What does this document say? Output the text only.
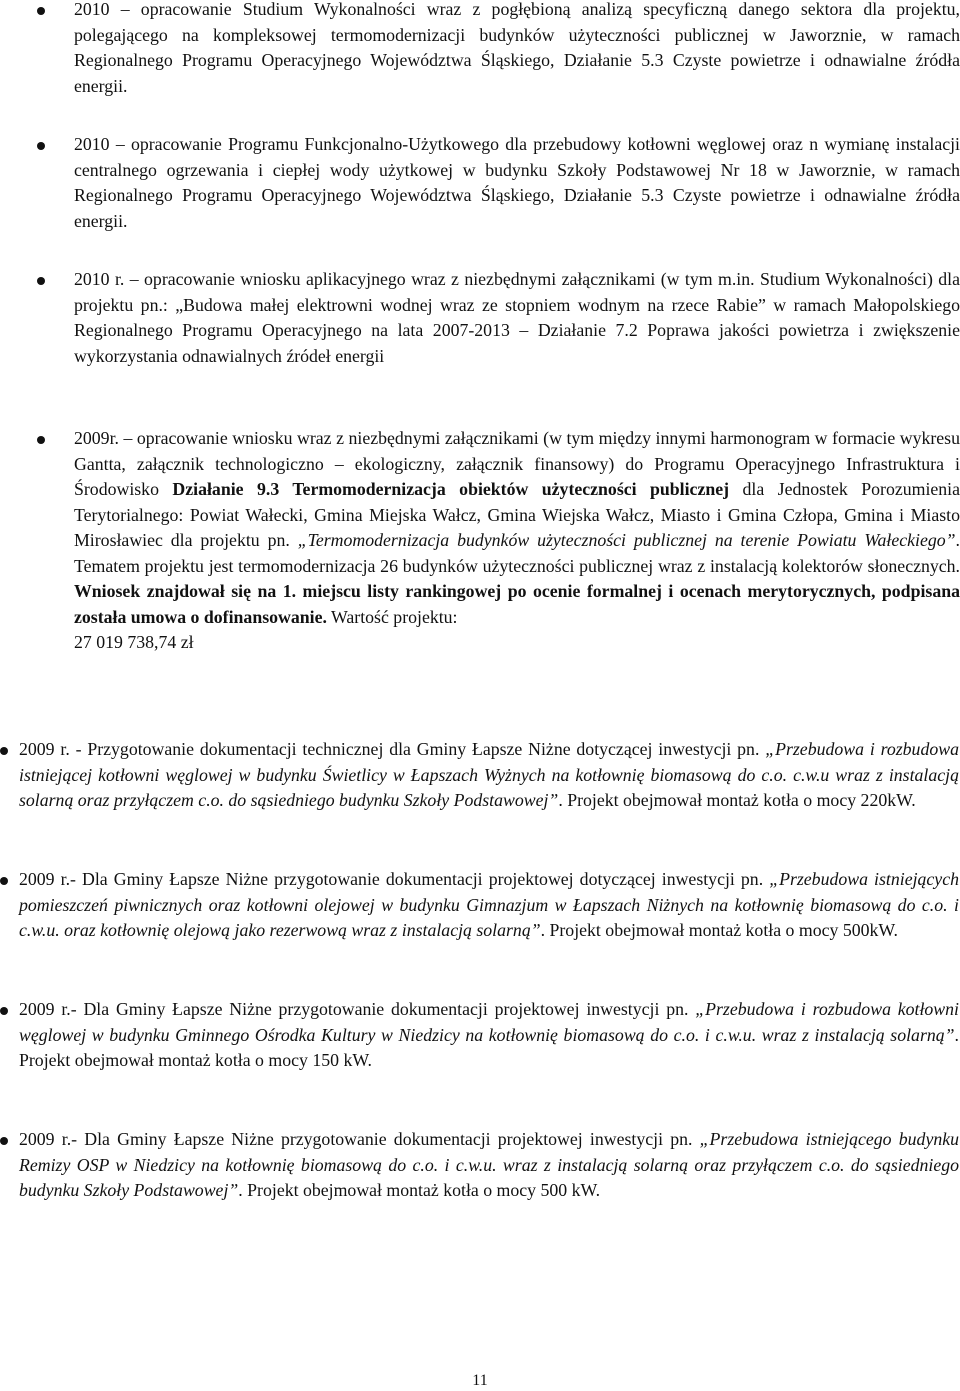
2010 – opracowanie Studium Wykonalności wraz z pogłębioną analizą specyficzną danego sektora dla projektu, polegającego na kompleksowej termomodernizacji budynków użyteczności publicznej w Jaworznie, w ramach Regionalnego Programu Operacyjnego Województwa Śląskiego, Działanie 5.3 Czyste powietrze i odnawialne źródła energii.
2010 – opracowanie Programu Funkcjonalno-Użytkowego dla przebudowy kotłowni węglowej oraz n wymianę instalacji centralnego ogrzewania i ciepłej wody użytkowej w budynku Szkoły Podstawowej Nr 18 w Jaworznie, w ramach Regionalnego Programu Operacyjnego Województwa Śląskiego, Działanie 5.3 Czyste powietrze i odnawialne źródła energii.
2010 r. – opracowanie wniosku aplikacyjnego wraz z niezbędnymi załącznikami (w tym m.in. Studium Wykonalności) dla projektu pn.: „Budowa małej elektrowni wodnej wraz ze stopniem wodnym na rzece Rabie” w ramach Małopolskiego Regionalnego Programu Operacyjnego na lata 2007-2013 – Działanie 7.2 Poprawa jakości powietrza i zwiększenie wykorzystania odnawialnych źródeł energii
2009r. – opracowanie wniosku wraz z niezbędnymi załącznikami (w tym między innymi harmonogram w formacie wykresu Gantta, załącznik technologiczno – ekologiczny, załącznik finansowy) do Programu Operacyjnego Infrastruktura i Środowisko Działanie 9.3 Termomodernizacja obiektów użyteczności publicznej dla Jednostek Porozumienia Terytorialnego: Powiat Wałecki, Gmina Miejska Wałcz, Gmina Wiejska Wałcz, Miasto i Gmina Człopa, Gmina i Miasto Mirosławiec dla projektu pn. „Termomodernizacja budynków użyteczności publicznej na terenie Powiatu Wałeckiego”. Tematem projektu jest termomodernizacja 26 budynków użyteczności publicznej wraz z instalacją kolektorów słonecznych. Wniosek znajdował się na 1. miejscu listy rankingowej po ocenie formalnej i ocenach merytorycznych, podpisana została umowa o dofinansowanie. Wartość projektu:

27 019 738,74 zł

2009 r. - Przygotowanie dokumentacji technicznej dla Gminy Łapsze Niżne dotyczącej inwestycji pn. „Przebudowa i rozbudowa istniejącej kotłowni węglowej w budynku Świetlicy w Łapszach Wyżnych na kotłownię biomasową do c.o. c.w.u wraz z instalacją solarną oraz przyłączem c.o. do sąsiedniego budynku Szkoły Podstawowej”. Projekt obejmował montaż kotła o mocy 220kW.
2009 r.- Dla Gminy Łapsze Niżne przygotowanie dokumentacji projektowej dotyczącej inwestycji pn. „Przebudowa istniejących pomieszczeń piwnicznych oraz kotłowni olejowej w budynku Gimnazjum w Łapszach Niżnych na kotłownię biomasową do c.o. i c.w.u. oraz kotłownię olejową jako rezerwową wraz z instalacją solarną”. Projekt obejmował montaż kotła o mocy 500kW.
2009 r.- Dla Gminy Łapsze Niżne przygotowanie dokumentacji projektowej inwestycji pn. „Przebudowa i rozbudowa kotłowni węglowej w budynku Gminnego Ośrodka Kultury w Niedzicy na kotłownię biomasową do c.o. i c.w.u. wraz z instalacją solarną”. Projekt obejmował montaż kotła o mocy 150 kW.
2009 r.- Dla Gminy Łapsze Niżne przygotowanie dokumentacji projektowej inwestycji pn. „Przebudowa istniejącego budynku Remizy OSP w Niedzicy na kotłownię biomasową do c.o. i c.w.u. wraz z instalacją solarną oraz przyłączem c.o. do sąsiedniego budynku Szkoły Podstawowej”. Projekt obejmował montaż kotła o mocy 500 kW.
11
